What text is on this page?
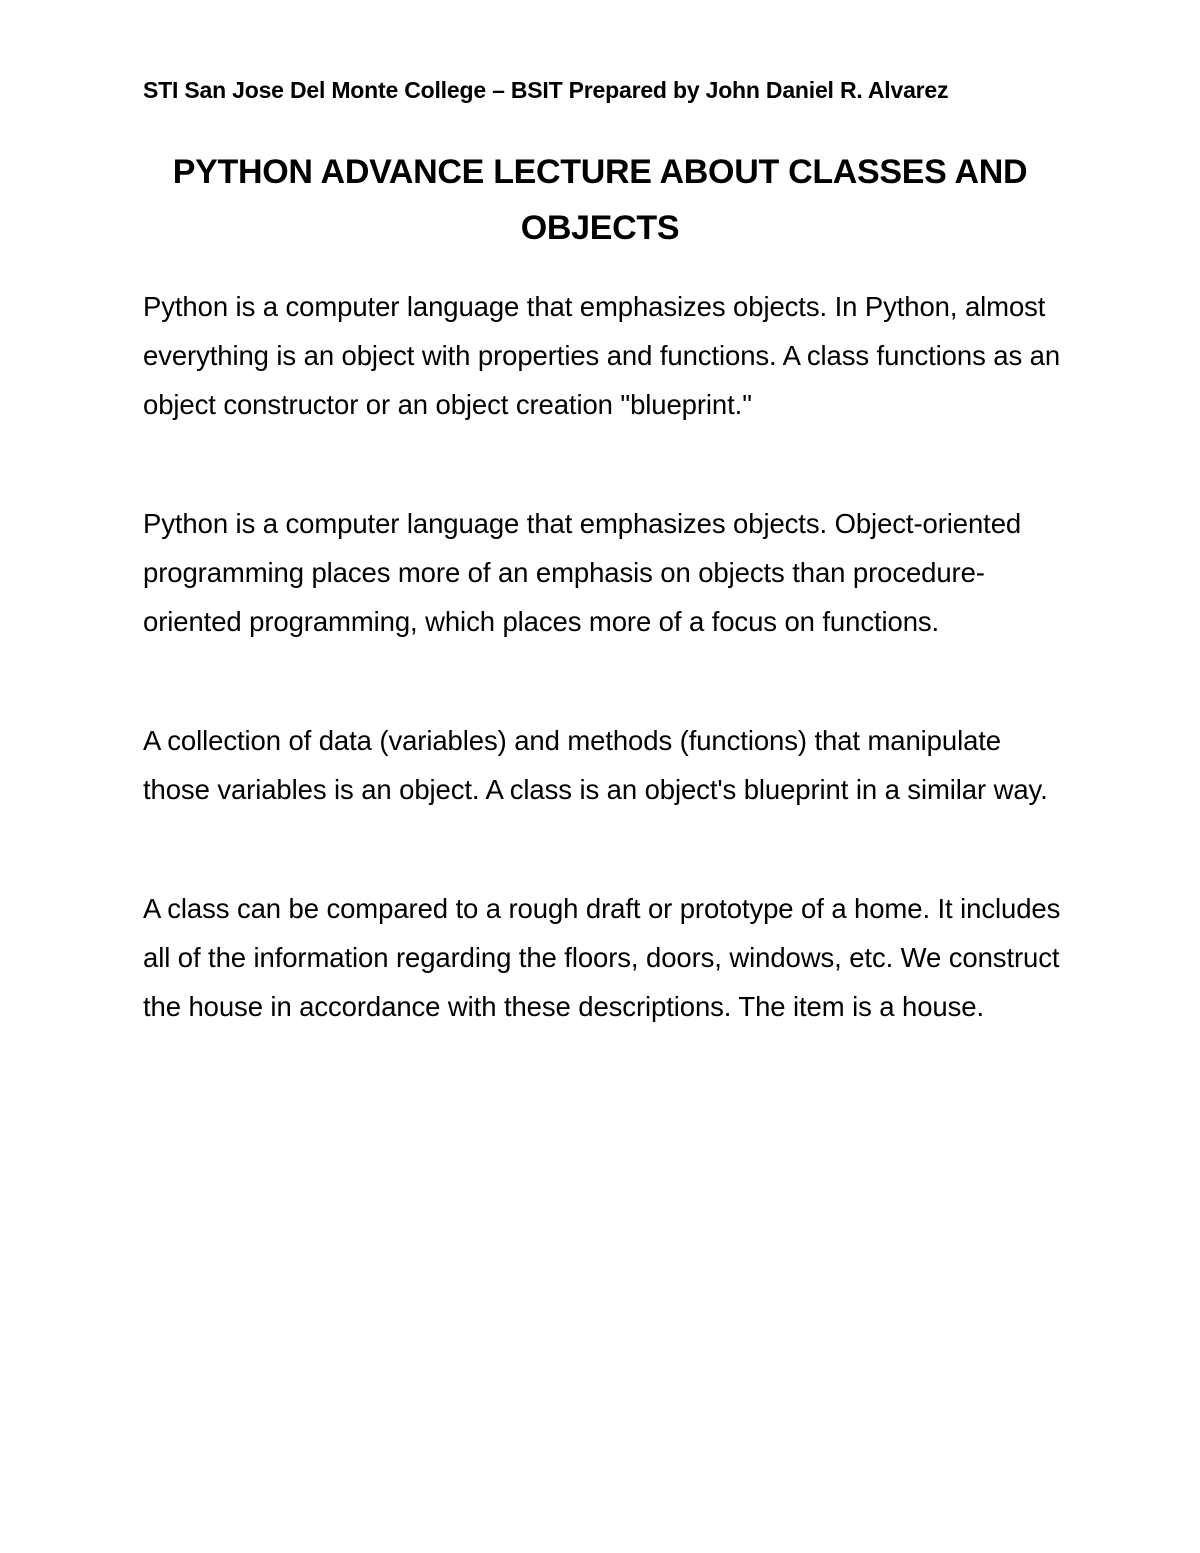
STI San Jose Del Monte College – BSIT Prepared by John Daniel R. Alvarez
PYTHON ADVANCE LECTURE ABOUT CLASSES AND OBJECTS

Python is a computer language that emphasizes objects. In Python, almost everything is an object with properties and functions. A class functions as an object constructor or an object creation "blueprint."

Python is a computer language that emphasizes objects. Object-oriented programming places more of an emphasis on objects than procedure-oriented programming, which places more of a focus on functions.

A collection of data (variables) and methods (functions) that manipulate those variables is an object. A class is an object's blueprint in a similar way.

A class can be compared to a rough draft or prototype of a home. It includes all of the information regarding the floors, doors, windows, etc. We construct the house in accordance with these descriptions. The item is a house.
